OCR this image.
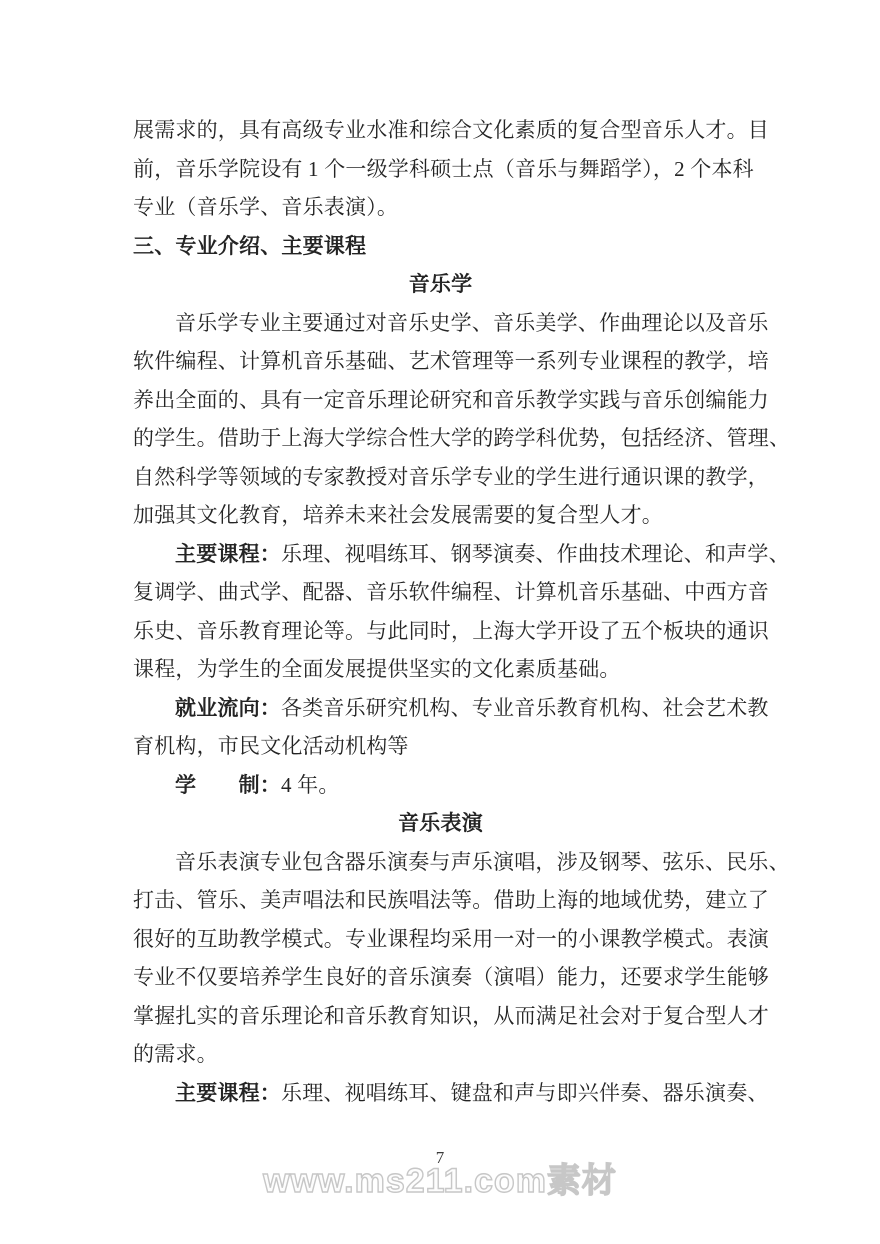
展需求的，具有高级专业水准和综合文化素质的复合型音乐人才。目
前，音乐学院设有 1 个一级学科硕士点（音乐与舞蹈学），2 个本科
专业（音乐学、音乐表演）。
三、专业介绍、主要课程
音乐学
音乐学专业主要通过对音乐史学、音乐美学、作曲理论以及音乐
软件编程、计算机音乐基础、艺术管理等一系列专业课程的教学，培
养出全面的、具有一定音乐理论研究和音乐教学实践与音乐创编能力
的学生。借助于上海大学综合性大学的跨学科优势，包括经济、管理、
自然科学等领域的专家教授对音乐学专业的学生进行通识课的教学，
加强其文化教育，培养未来社会发展需要的复合型人才。
主要课程：乐理、视唱练耳、钢琴演奏、作曲技术理论、和声学、
复调学、曲式学、配器、音乐软件编程、计算机音乐基础、中西方音
乐史、音乐教育理论等。与此同时，上海大学开设了五个板块的通识
课程，为学生的全面发展提供坚实的文化素质基础。
就业流向：各类音乐研究机构、专业音乐教育机构、社会艺术教
育机构，市民文化活动机构等
学　　制：4 年。
音乐表演
音乐表演专业包含器乐演奏与声乐演唱，涉及钢琴、弦乐、民乐、
打击、管乐、美声唱法和民族唱法等。借助上海的地域优势，建立了
很好的互助教学模式。专业课程均采用一对一的小课教学模式。表演
专业不仅要培养学生良好的音乐演奏（演唱）能力，还要求学生能够
掌握扎实的音乐理论和音乐教育知识，从而满足社会对于复合型人才
的需求。
主要课程：乐理、视唱练耳、键盘和声与即兴伴奏、器乐演奏、
7
www.ms211.com素材
